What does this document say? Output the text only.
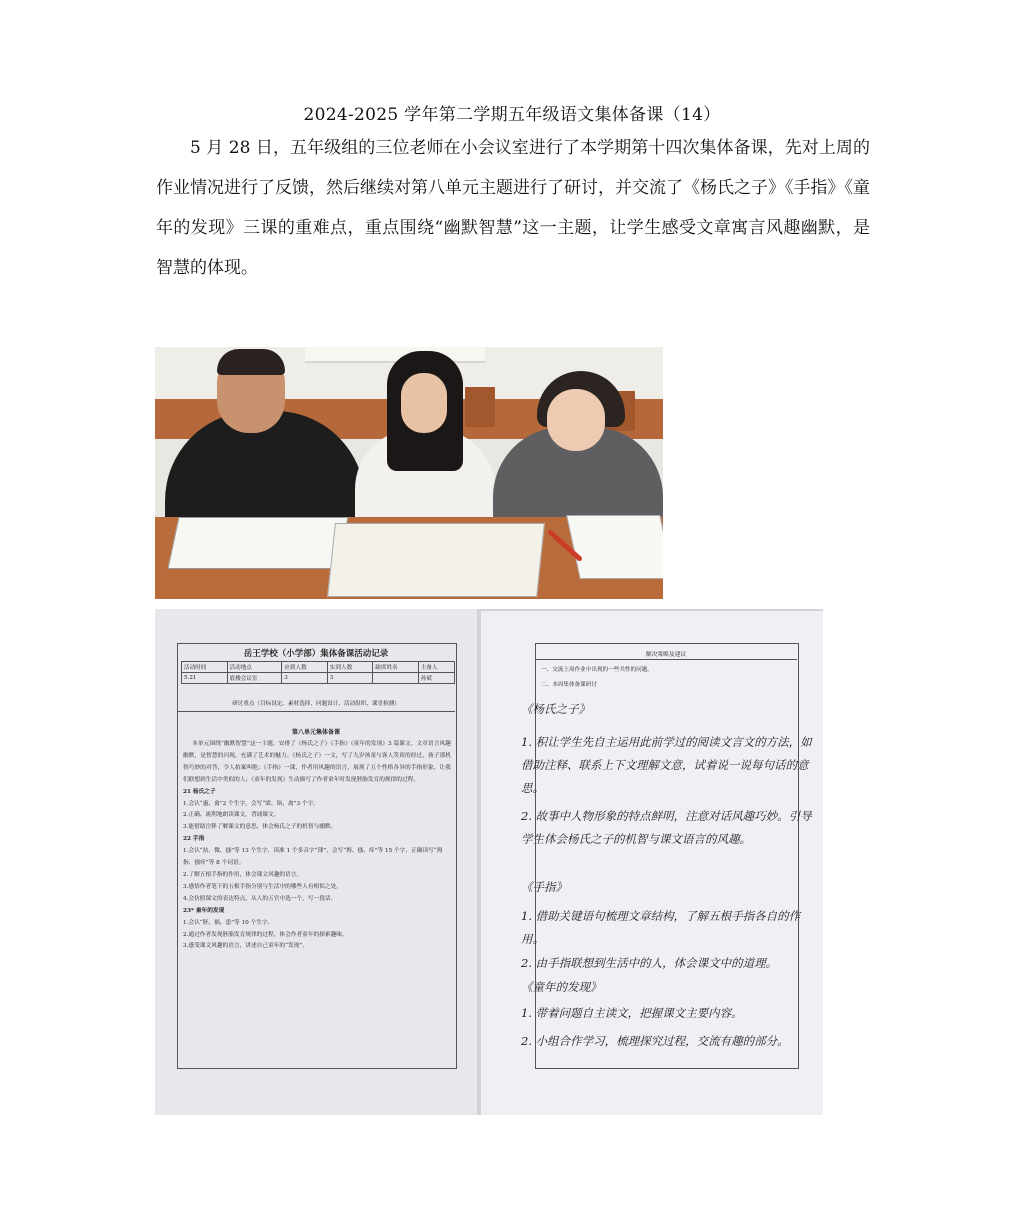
2024-2025 学年第二学期五年级语文集体备课（14）
5 月 28 日，五年级组的三位老师在小会议室进行了本学期第十四次集体备课，先对上周的作业情况进行了反馈，然后继续对第八单元主题进行了研讨，并交流了《杨氏之子》《手指》《童年的发现》三课的重难点，重点围绕“幽默智慧”这一主题，让学生感受文章寓言风趣幽默，是智慧的体现。
岳王学校（小学部）集体备课活动记录
活动时间	活动地点	应到人数	实到人数	缺席姓名	主备人
5.21	底楼会议室	3	3		孙斌
研讨重点（目标设定、素材选择、问题设计、活动组织、课堂检测）
第八单元集体备课

本单元围绕“幽默智慧”这一主题，安排了《杨氏之子》《手指》《童年的发现》3 篇课文。文章语言风趣幽默，是智慧的闪现，充满了艺术的魅力。《杨氏之子》一文，写了九岁孩童与客人笑谈的经过，孩子那机智巧妙的对答，令人拍案叫绝；《手指》一课，作者用风趣的语言，展现了五个性格各异的手指形象，让我们联想到生活中类似的人；《童年的发现》生动描写了作者童年时发现胚胎发育的规律的过程。

21 杨氏之子

1.会认“惠、禽”2 个生字，会写“梁、诣、禽”3 个字。

2.正确、流利地朗读课文。背诵课文。

3.能借助注释了解课文的意思，体会杨氏之子的机智与幽默。

22 手指

1.会认“拈、微、搔”等 13 个生字，读准 1 个多音字“薄”，会写“拇、搔、痒”等 15 个字，正确读写“拇指、搔痒”等 8 个词语。

2.了解五根手指的作用，体会课文风趣的语言。

3.感悟作者笔下的五根手指分别与生活中的哪些人有相似之处。

4.会仿照课文的表达特点，从人的五官中选一个，写一段话。

23* 童年的发现

1.会认“胚、祸、患”等 10 个生字。

2.通过作者发现胚胎发育规律的过程，体会作者童年的探索趣味。

3.感受课文风趣的语言，讲述自己童年的“发现”。

解决策略及建议
一、交流上周作业中出现的一些共性的问题。
二、本周集体备课研讨
《杨氏之子》
1. 积让学生先自主运用此前学过的阅读文言文的方法，如借助注释、联系上下文理解文意，试着说一说每句话的意思。
2. 故事中人物形象的特点鲜明，注意对话风趣巧妙。引导学生体会杨氏之子的机智与课文语言的风趣。
《手指》
1. 借助关键语句梳理文章结构，了解五根手指各自的作用。
2. 由手指联想到生活中的人，体会课文中的道理。
《童年的发现》
1. 带着问题自主读文，把握课文主要内容。
2. 小组合作学习，梳理探究过程，交流有趣的部分。
